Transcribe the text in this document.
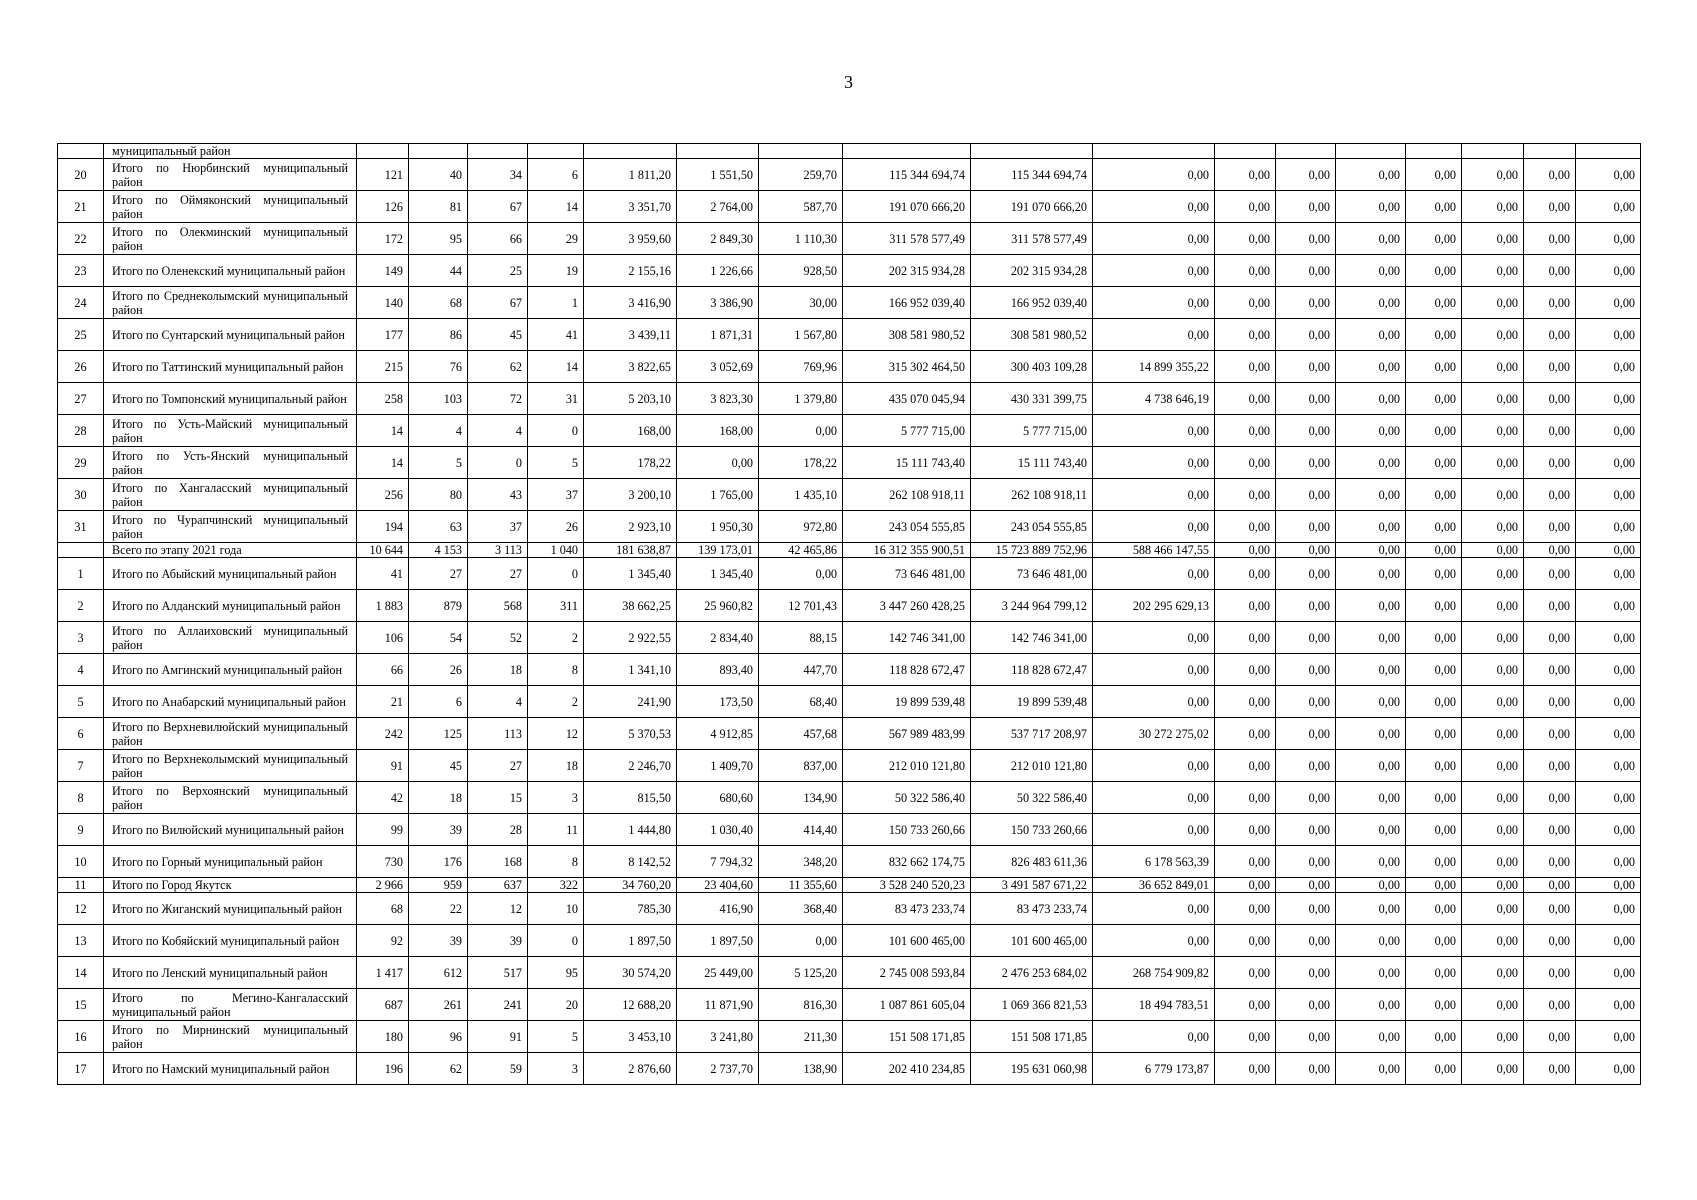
3
	муниципальный район																	
20	Итого по Нюрбинский муниципальный район	121	40	34	6	1 811,20	1 551,50	259,70	115 344 694,74	115 344 694,74	0,00	0,00	0,00	0,00	0,00	0,00	0,00	0,00
21	Итого по Оймяконский муниципальный район	126	81	67	14	3 351,70	2 764,00	587,70	191 070 666,20	191 070 666,20	0,00	0,00	0,00	0,00	0,00	0,00	0,00	0,00
22	Итого по Олекминский муниципальный район	172	95	66	29	3 959,60	2 849,30	1 110,30	311 578 577,49	311 578 577,49	0,00	0,00	0,00	0,00	0,00	0,00	0,00	0,00
23	Итого по Оленекский муниципальный район	149	44	25	19	2 155,16	1 226,66	928,50	202 315 934,28	202 315 934,28	0,00	0,00	0,00	0,00	0,00	0,00	0,00	0,00
24	Итого по Среднеколымский муниципальный район	140	68	67	1	3 416,90	3 386,90	30,00	166 952 039,40	166 952 039,40	0,00	0,00	0,00	0,00	0,00	0,00	0,00	0,00
25	Итого по Сунтарский муниципальный район	177	86	45	41	3 439,11	1 871,31	1 567,80	308 581 980,52	308 581 980,52	0,00	0,00	0,00	0,00	0,00	0,00	0,00	0,00
26	Итого по Таттинский муниципальный район	215	76	62	14	3 822,65	3 052,69	769,96	315 302 464,50	300 403 109,28	14 899 355,22	0,00	0,00	0,00	0,00	0,00	0,00	0,00
27	Итого по Томпонский муниципальный район	258	103	72	31	5 203,10	3 823,30	1 379,80	435 070 045,94	430 331 399,75	4 738 646,19	0,00	0,00	0,00	0,00	0,00	0,00	0,00
28	Итого по Усть-Майский муниципальный район	14	4	4	0	168,00	168,00	0,00	5 777 715,00	5 777 715,00	0,00	0,00	0,00	0,00	0,00	0,00	0,00	0,00
29	Итого по Усть-Янский муниципальный район	14	5	0	5	178,22	0,00	178,22	15 111 743,40	15 111 743,40	0,00	0,00	0,00	0,00	0,00	0,00	0,00	0,00
30	Итого по Хангаласский муниципальный район	256	80	43	37	3 200,10	1 765,00	1 435,10	262 108 918,11	262 108 918,11	0,00	0,00	0,00	0,00	0,00	0,00	0,00	0,00
31	Итого по Чурапчинский муниципальный район	194	63	37	26	2 923,10	1 950,30	972,80	243 054 555,85	243 054 555,85	0,00	0,00	0,00	0,00	0,00	0,00	0,00	0,00
	Всего по этапу 2021 года	10 644	4 153	3 113	1 040	181 638,87	139 173,01	42 465,86	16 312 355 900,51	15 723 889 752,96	588 466 147,55	0,00	0,00	0,00	0,00	0,00	0,00	0,00
1	Итого по Абыйский муниципальный район	41	27	27	0	1 345,40	1 345,40	0,00	73 646 481,00	73 646 481,00	0,00	0,00	0,00	0,00	0,00	0,00	0,00	0,00
2	Итого по Алданский муниципальный район	1 883	879	568	311	38 662,25	25 960,82	12 701,43	3 447 260 428,25	3 244 964 799,12	202 295 629,13	0,00	0,00	0,00	0,00	0,00	0,00	0,00
3	Итого по Аллаиховский муниципальный район	106	54	52	2	2 922,55	2 834,40	88,15	142 746 341,00	142 746 341,00	0,00	0,00	0,00	0,00	0,00	0,00	0,00	0,00
4	Итого по Амгинский муниципальный район	66	26	18	8	1 341,10	893,40	447,70	118 828 672,47	118 828 672,47	0,00	0,00	0,00	0,00	0,00	0,00	0,00	0,00
5	Итого по Анабарский муниципальный район	21	6	4	2	241,90	173,50	68,40	19 899 539,48	19 899 539,48	0,00	0,00	0,00	0,00	0,00	0,00	0,00	0,00
6	Итого по Верхневилюйский муниципальный район	242	125	113	12	5 370,53	4 912,85	457,68	567 989 483,99	537 717 208,97	30 272 275,02	0,00	0,00	0,00	0,00	0,00	0,00	0,00
7	Итого по Верхнеколымский муниципальный район	91	45	27	18	2 246,70	1 409,70	837,00	212 010 121,80	212 010 121,80	0,00	0,00	0,00	0,00	0,00	0,00	0,00	0,00
8	Итого по Верхоянский муниципальный район	42	18	15	3	815,50	680,60	134,90	50 322 586,40	50 322 586,40	0,00	0,00	0,00	0,00	0,00	0,00	0,00	0,00
9	Итого по Вилюйский муниципальный район	99	39	28	11	1 444,80	1 030,40	414,40	150 733 260,66	150 733 260,66	0,00	0,00	0,00	0,00	0,00	0,00	0,00	0,00
10	Итого по Горный муниципальный район	730	176	168	8	8 142,52	7 794,32	348,20	832 662 174,75	826 483 611,36	6 178 563,39	0,00	0,00	0,00	0,00	0,00	0,00	0,00
11	Итого по Город Якутск	2 966	959	637	322	34 760,20	23 404,60	11 355,60	3 528 240 520,23	3 491 587 671,22	36 652 849,01	0,00	0,00	0,00	0,00	0,00	0,00	0,00
12	Итого по Жиганский муниципальный район	68	22	12	10	785,30	416,90	368,40	83 473 233,74	83 473 233,74	0,00	0,00	0,00	0,00	0,00	0,00	0,00	0,00
13	Итого по Кобяйский муниципальный район	92	39	39	0	1 897,50	1 897,50	0,00	101 600 465,00	101 600 465,00	0,00	0,00	0,00	0,00	0,00	0,00	0,00	0,00
14	Итого по Ленский муниципальный район	1 417	612	517	95	30 574,20	25 449,00	5 125,20	2 745 008 593,84	2 476 253 684,02	268 754 909,82	0,00	0,00	0,00	0,00	0,00	0,00	0,00
15	Итого по Мегино-Кангаласский муниципальный район	687	261	241	20	12 688,20	11 871,90	816,30	1 087 861 605,04	1 069 366 821,53	18 494 783,51	0,00	0,00	0,00	0,00	0,00	0,00	0,00
16	Итого по Мирнинский муниципальный район	180	96	91	5	3 453,10	3 241,80	211,30	151 508 171,85	151 508 171,85	0,00	0,00	0,00	0,00	0,00	0,00	0,00	0,00
17	Итого по Намский муниципальный район	196	62	59	3	2 876,60	2 737,70	138,90	202 410 234,85	195 631 060,98	6 779 173,87	0,00	0,00	0,00	0,00	0,00	0,00	0,00
